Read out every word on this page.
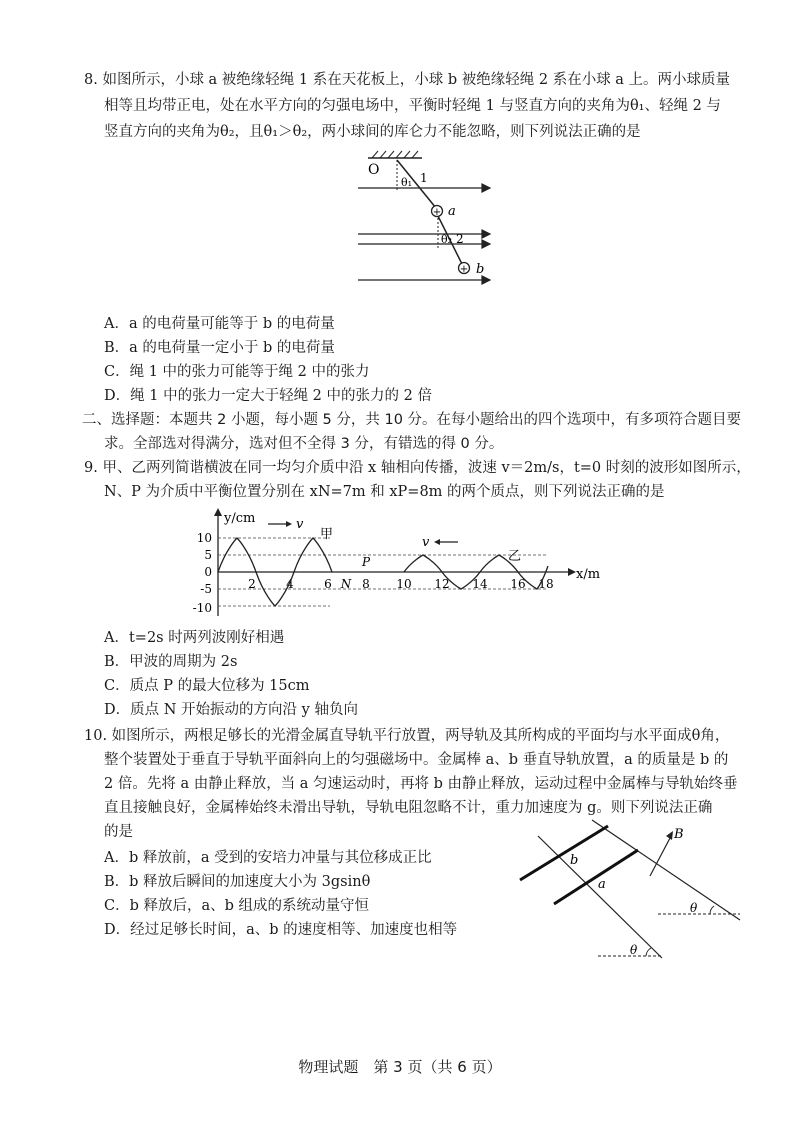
8. 如图所示，小球 a 被绝缘轻绳 1 系在天花板上，小球 b 被绝缘轻绳 2 系在小球 a 上。两小球质量
相等且均带正电，处在水平方向的匀强电场中，平衡时轻绳 1 与竖直方向的夹角为θ₁、轻绳 2 与
竖直方向的夹角为θ₂，且θ₁＞θ₂，两小球间的库仑力不能忽略，则下列说法正确的是
O
θ₁ 1
θ₂ 2
+ a
+ b
A．a 的电荷量可能等于 b 的电荷量
B．a 的电荷量一定小于 b 的电荷量
C．绳 1 中的张力可能等于绳 2 中的张力
D．绳 1 中的张力一定大于轻绳 2 中的张力的 2 倍
二、选择题：本题共 2 小题，每小题 5 分，共 10 分。在每小题给出的四个选项中，有多项符合题目要
求。全部选对得满分，选对但不全得 3 分，有错选的得 0 分。
9. 甲、乙两列简谐横波在同一均匀介质中沿 x 轴相向传播，波速 v＝2m/s，t=0 时刻的波形如图所示，
N、P 为介质中平衡位置分别在 xN=7m 和 xP=8m 的两个质点，则下列说法正确的是
y/cm
x/m
10
5
0
-5
-10
2	4	6 N 8 10 12 14 16 18
P
甲
乙
v
v
A．t=2s 时两列波刚好相遇
B．甲波的周期为 2s
C．质点 P 的最大位移为 15cm
D．质点 N 开始振动的方向沿 y 轴负向
10. 如图所示，两根足够长的光滑金属直导轨平行放置，两导轨及其所构成的平面均与水平面成θ角，
整个装置处于垂直于导轨平面斜向上的匀强磁场中。金属棒 a、b 垂直导轨放置，a 的质量是 b 的
2 倍。先将 a 由静止释放，当 a 匀速运动时，再将 b 由静止释放，运动过程中金属棒与导轨始终垂
直且接触良好，金属棒始终未滑出导轨，导轨电阻忽略不计，重力加速度为 g。则下列说法正确
的是
A．b 释放前，a 受到的安培力冲量与其位移成正比
B．b 释放后瞬间的加速度大小为 3gsinθ
C．b 释放后，a、b 组成的系统动量守恒
D．经过足够长时间，a、b 的速度相等、加速度也相等
b
a
B
θ
θ
物理试题　第 3 页（共 6 页）
